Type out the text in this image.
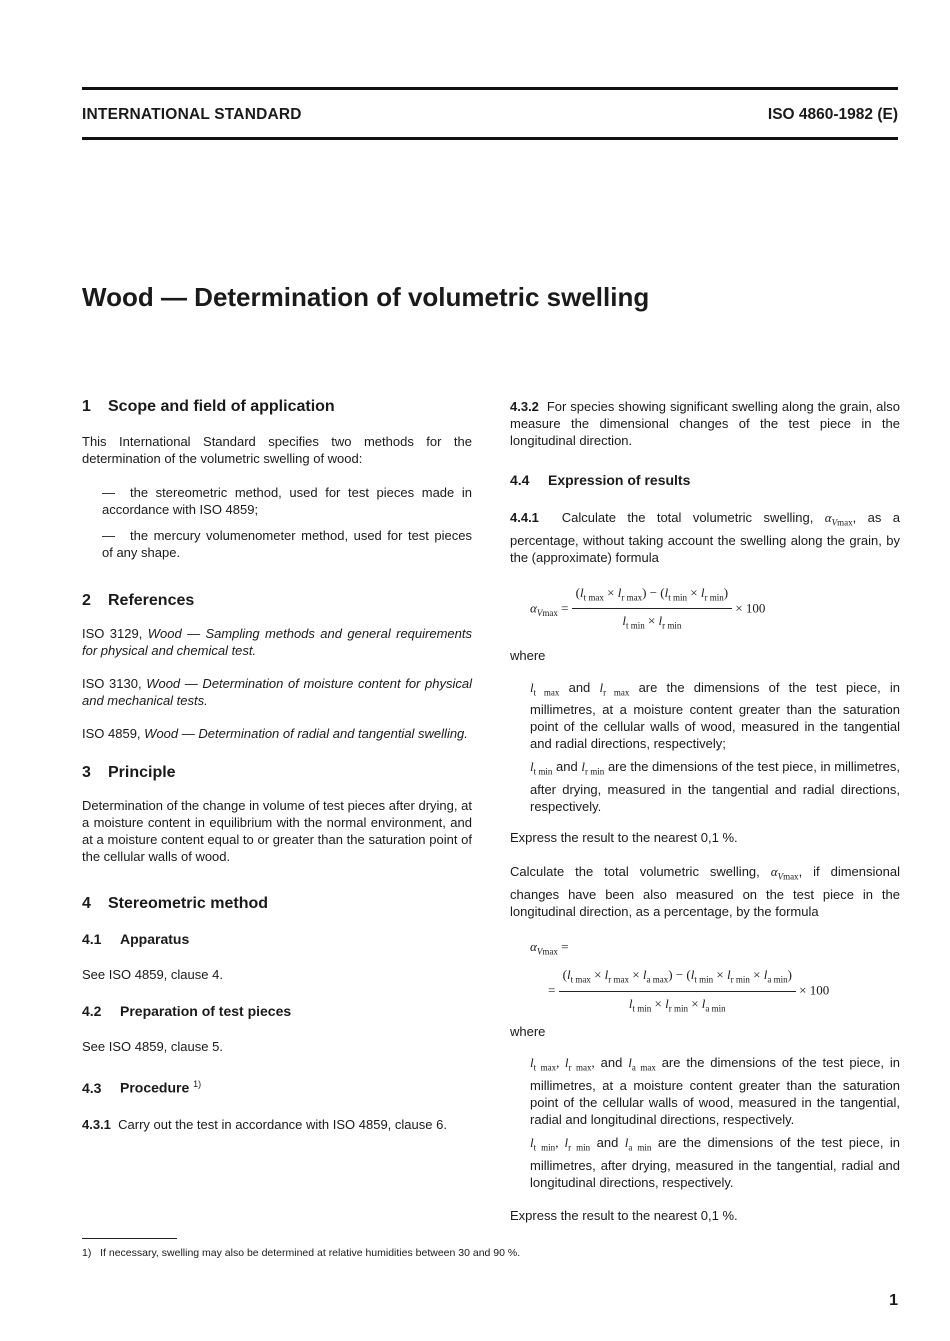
INTERNATIONAL STANDARD	ISO 4860-1982 (E)
Wood — Determination of volumetric swelling
1 Scope and field of application

This International Standard specifies two methods for the determination of the volumetric swelling of wood:

— the stereometric method, used for test pieces made in accordance with ISO 4859;

— the mercury volumenometer method, used for test pieces of any shape.

2 References

ISO 3129, Wood — Sampling methods and general requirements for physical and chemical test.

ISO 3130, Wood — Determination of moisture content for physical and mechanical tests.

ISO 4859, Wood — Determination of radial and tangential swelling.

3 Principle

Determination of the change in volume of test pieces after drying, at a moisture content in equilibrium with the normal environment, and at a moisture content equal to or greater than the saturation point of the cellular walls of wood.

4 Stereometric method
4.1 Apparatus

See ISO 4859, clause 4.

4.2 Preparation of test pieces

See ISO 4859, clause 5.

4.3 Procedure $^{1)}$

4.3.1 Carry out the test in accordance with ISO 4859, clause 6.

4.3.2 For species showing significant swelling along the grain, also measure the dimensional changes of the test piece in the longitudinal direction.

4.4 Expression of results

4.4.1 Calculate the total volumetric swelling, $\alpha_{Vmax}$, as a percentage, without taking account the swelling along the grain, by the (approximate) formula

$\alpha_{Vmax} = \frac{(l_{t max} \times l_{r max}) - (l_{t min} \times l_{r min})}{l_{t min} \times l_{r min}} \times 100$

where

$l_{t max}$ and $l_{r max}$ are the dimensions of the test piece, in millimetres, at a moisture content greater than the saturation point of the cellular walls of wood, measured in the tangential and radial directions, respectively;

$l_{t min}$ and $l_{r min}$ are the dimensions of the test piece, in millimetres, after drying, measured in the tangential and radial directions, respectively.

Express the result to the nearest 0,1 %.

Calculate the total volumetric swelling, $\alpha_{Vmax}$, if dimensional changes have been also measured on the test piece in the longitudinal direction, as a percentage, by the formula

$\alpha_{Vmax}$ =
= $\frac{(l_{t max} \times l_{r max} \times l_{a max}) - (l_{t min} \times l_{r min} \times l_{a min})}{l_{t min} \times l_{r min} \times l_{a min}} \times 100$

where

$l_{t max}$, $l_{r max}$, and $l_{a max}$ are the dimensions of the test piece, in millimetres, at a moisture content greater than the saturation point of the cellular walls of wood, measured in the tangential, radial and longitudinal directions, respectively.

$l_{t min}$, $l_{r min}$ and $l_{a min}$ are the dimensions of the test piece, in millimetres, after drying, measured in the tangential, radial and longitudinal directions, respectively.

Express the result to the nearest 0,1 %.

1) If necessary, swelling may also be determined at relative humidities between 30 and 90 %.
1
